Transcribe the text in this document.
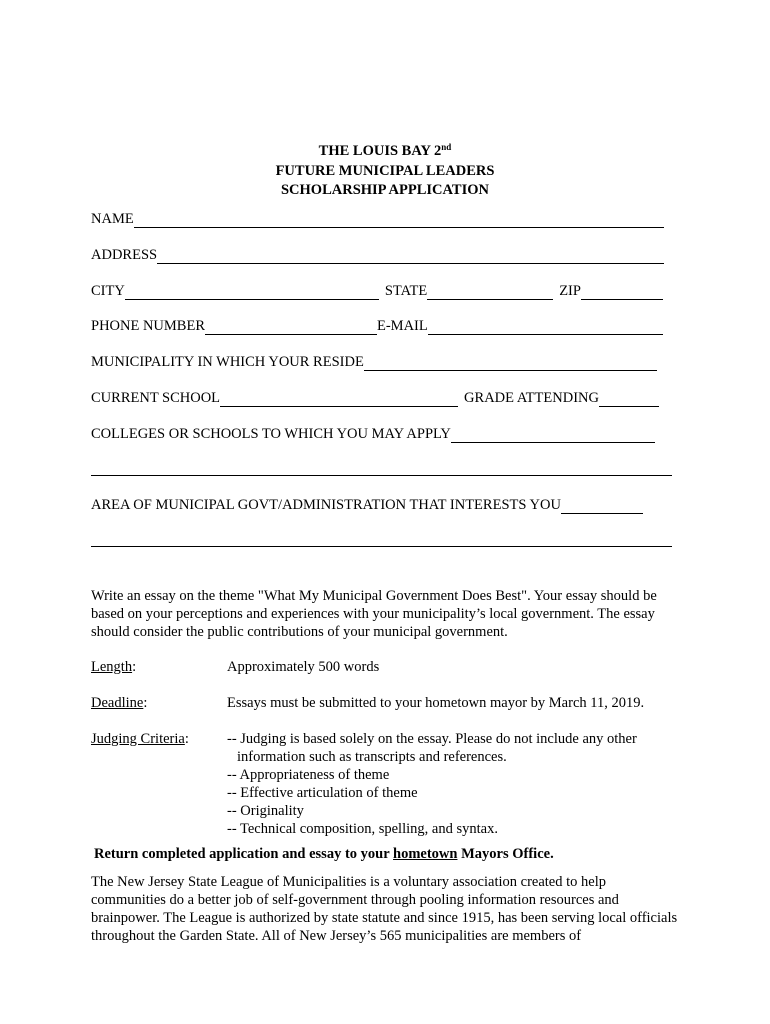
THE LOUIS BAY 2nd
FUTURE MUNICIPAL LEADERS
SCHOLARSHIP APPLICATION
NAME
ADDRESS
CITY	STATE	ZIP
PHONE NUMBER	E-MAIL
MUNICIPALITY IN WHICH YOUR RESIDE
CURRENT SCHOOL	GRADE ATTENDING
COLLEGES OR SCHOOLS TO WHICH YOU MAY APPLY
AREA OF MUNICIPAL GOVT/ADMINISTRATION THAT INTERESTS YOU
Write an essay on the theme "What My Municipal Government Does Best". Your essay should be based on your perceptions and experiences with your municipality’s local government. The essay should consider the public contributions of your municipal government.
Length:	Approximately 500 words
Deadline:	Essays must be submitted to your hometown mayor by March 11, 2019.
Judging Criteria:	-- Judging is based solely on the essay. Please do not include any other
information such as transcripts and references.
-- Appropriateness of theme
-- Effective articulation of theme
-- Originality
-- Technical composition, spelling, and syntax.
Return completed application and essay to your hometown Mayors Office.
The New Jersey State League of Municipalities is a voluntary association created to help communities do a better job of self-government through pooling information resources and brainpower. The League is authorized by state statute and since 1915, has been serving local officials throughout the Garden State. All of New Jersey’s 565 municipalities are members of
